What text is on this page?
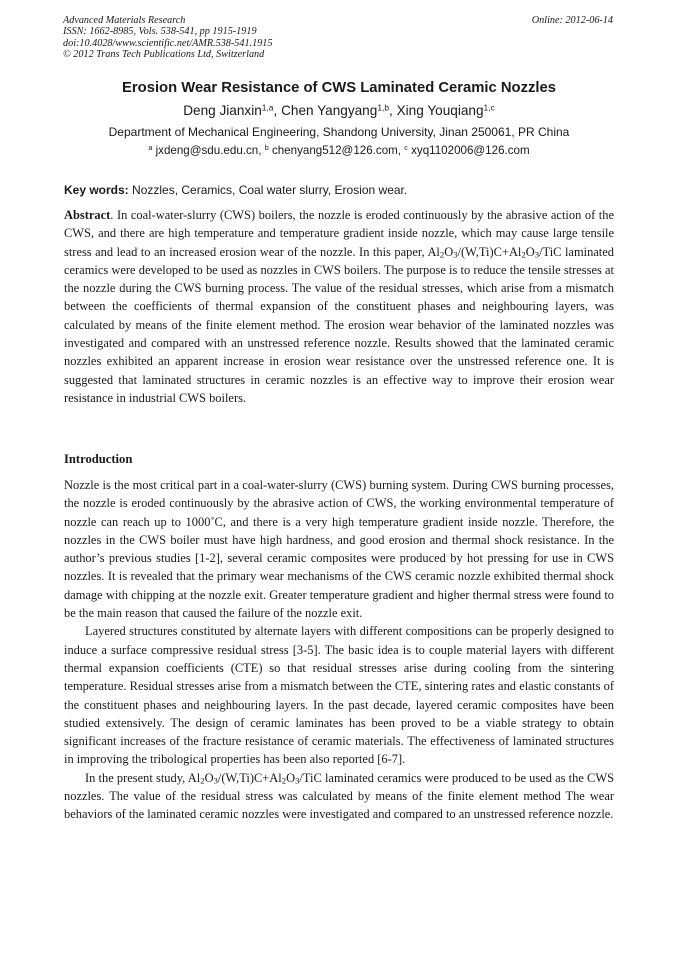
Advanced Materials Research
ISSN: 1662-8985, Vols. 538-541, pp 1915-1919
doi:10.4028/www.scientific.net/AMR.538-541.1915
© 2012 Trans Tech Publications Ltd, Switzerland
Online: 2012-06-14
Erosion Wear Resistance of CWS Laminated Ceramic Nozzles
Deng Jianxin$^{1,a}$, Chen Yangyang$^{1,b}$, Xing Youqiang$^{1,c}$
Department of Mechanical Engineering, Shandong University, Jinan 250061, PR China
$^a$ jxdeng@sdu.edu.cn, $^b$ chenyang512@126.com, $^c$ xyq1102006@126.com
Key words: Nozzles, Ceramics, Coal water slurry, Erosion wear.
Abstract. In coal-water-slurry (CWS) boilers, the nozzle is eroded continuously by the abrasive action of the CWS, and there are high temperature and temperature gradient inside nozzle, which may cause large tensile stress and lead to an increased erosion wear of the nozzle. In this paper, $Al_2O_3/(W,Ti)C+Al_2O_3$/TiC laminated ceramics were developed to be used as nozzles in CWS boilers. The purpose is to reduce the tensile stresses at the nozzle during the CWS burning process. The value of the residual stresses, which arise from a mismatch between the coefficients of thermal expansion of the constituent phases and neighbouring layers, was calculated by means of the finite element method. The erosion wear behavior of the laminated nozzles was investigated and compared with an unstressed reference nozzle. Results showed that the laminated ceramic nozzles exhibited an apparent increase in erosion wear resistance over the unstressed reference one. It is suggested that laminated structures in ceramic nozzles is an effective way to improve their erosion wear resistance in industrial CWS boilers.
Introduction

Nozzle is the most critical part in a coal-water-slurry (CWS) burning system. During CWS burning processes, the nozzle is eroded continuously by the abrasive action of CWS, the working environmental temperature of nozzle can reach up to 1000˚C, and there is a very high temperature gradient inside nozzle. Therefore, the nozzles in the CWS boiler must have high hardness, and good erosion and thermal shock resistance. In the author’s previous studies [1-2], several ceramic composites were produced by hot pressing for use in CWS nozzles. It is revealed that the primary wear mechanisms of the CWS ceramic nozzle exhibited thermal shock damage with chipping at the nozzle exit. Greater temperature gradient and higher thermal stress were found to be the main reason that caused the failure of the nozzle exit.

Layered structures constituted by alternate layers with different compositions can be properly designed to induce a surface compressive residual stress [3-5]. The basic idea is to couple material layers with different thermal expansion coefficients (CTE) so that residual stresses arise during cooling from the sintering temperature. Residual stresses arise from a mismatch between the CTE, sintering rates and elastic constants of the constituent phases and neighbouring layers. In the past decade, layered ceramic composites have been studied extensively. The design of ceramic laminates has been proved to be a viable strategy to obtain significant increases of the fracture resistance of ceramic materials. The effectiveness of laminated structures in improving the tribological properties has been also reported [6-7].

In the present study, $Al_2O_3/(W,Ti)C+Al_2O_3$/TiC laminated ceramics were produced to be used as the CWS nozzles. The value of the residual stress was calculated by means of the finite element method The wear behaviors of the laminated ceramic nozzles were investigated and compared to an unstressed reference nozzle.
